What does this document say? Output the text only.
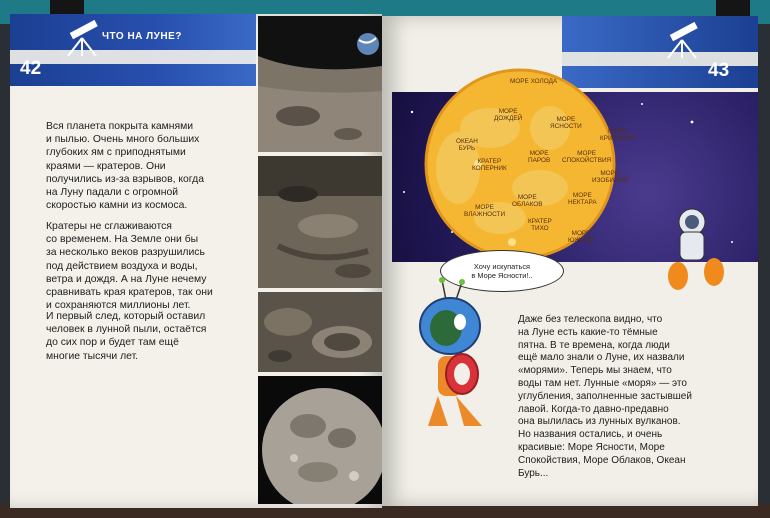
42
ЧТО НА ЛУНЕ?
Вся планета покрыта камнями
и пылью. Очень много больших
глубоких ям с приподнятыми
краями — кратеров. Они
получились из-за взрывов, когда
на Луну падали с огромной
скоростью камни из космоса.
Кратеры не сглаживаются
со временем. На Земле они бы
за несколько веков разрушились
под действием воздуха и воды,
ветра и дождя. А на Луне нечему
сравнивать края кратеров, так они
и сохраняются миллионы лет.
И первый след, который оставил
человек в лунной пыли, остаётся
до сих пор и будет там ещё
многие тысячи лет.
43
МОРЕ ХОЛОДА
МОРЕ
ДОЖДЕЙ	МОРЕ
ЯСНОСТИ
МОРЕ
КРИЗИСОВ
ОКЕАН
БУРЬ
МОРЕ
ПАРОВ
МОРЕ
СПОКОЙСТВИЯ
КРАТЕР
КОПЕРНИК
МОРЕ
ИЗОБИЛИЯ
МОРЕ
ОБЛАКОВ
МОРЕ
НЕКТАРА
МОРЕ
ВЛАЖНОСТИ
КРАТЕР
ТИХО
МОРЕ
ЮЖНОЕ
Хочу искупаться
в Море Ясности!..
Даже без телескопа видно, что
на Луне есть какие-то тёмные
пятна. В те времена, когда люди
ещё мало знали о Луне, их назвали
«морями». Теперь мы знаем, что
воды там нет. Лунные «моря» — это
углубления, заполненные застывшей
лавой. Когда-то давно-предавно
она вылилась из лунных вулканов.
Но названия остались, и очень
красивые: Море Ясности, Море
Спокойствия, Море Облаков, Океан
Бурь...
